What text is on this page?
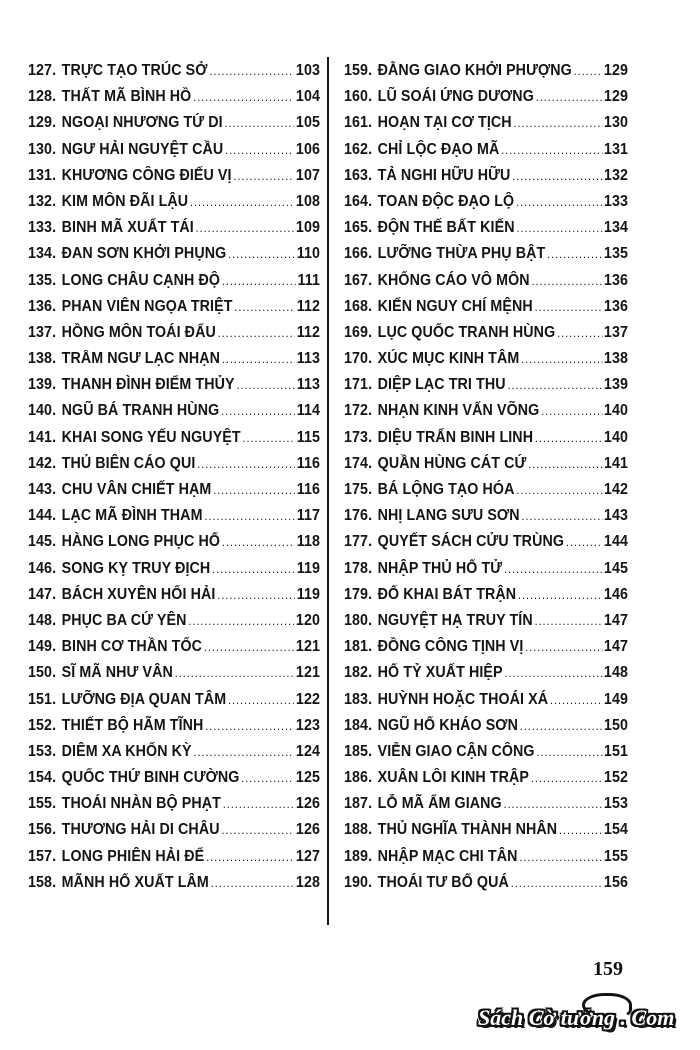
127. TRỰC TẠO TRÚC SỞ .....	103
128. THẤT MÃ BÌNH HỒ .....	104
129. NGOẠI NHƯƠNG TỨ DI .....	105
130. NGƯ HẢI NGUYỆT CẦU .....	106
131. KHƯƠNG CÔNG ĐIẾU VỊ .....	107
132. KIM MÔN ĐÃI LẬU .....	108
133. BINH MÃ XUẤT TÁI .....	109
134. ĐAN SƠN KHỞI PHỤNG .....	110
135. LONG CHÂU CẠNH ĐỘ .....	111
136. PHAN VIÊN NGỌA TRIỆT .....	112
137. HỒNG MÔN TOÁI ĐẨU .....	112
138. TRẦM NGƯ LẠC NHẠN .....	113
139. THANH ĐÌNH ĐIỂM THỦY .....	113
140. NGŨ BÁ TRANH HÙNG .....	114
141. KHAI SONG YẾU NGUYỆT .....	115
142. THỦ BIÊN CÁO QUI .....	116
143. CHU VÂN CHIẾT HẠM .....	116
144. LẠC MÃ ĐÌNH THAM .....	117
145. HÀNG LONG PHỤC HỔ .....	118
146. SONG KỴ TRUY ĐỊCH .....	119
147. BÁCH XUYÊN HỐI HẢI .....	119
148. PHỤC BA CỨ YÊN .....	120
149. BINH CƠ THẦN TỐC .....	121
150. SĨ MÃ NHƯ VÂN .....	121
151. LƯỠNG ĐỊA QUAN TÂM .....	122
152. THIẾT BỘ HÃM TĨNH .....	123
153. DIÊM XA KHỐN KỲ .....	124
154. QUỐC THỨ BINH CƯỜNG .....	125
155. THOÁI NHÀN BỘ PHẠT .....	126
156. THƯƠNG HẢI DI CHÂU .....	126
157. LONG PHIÊN HẢI ĐỂ .....	127
158. MÃNH HỔ XUẤT LÂM .....	128
159. ĐẰNG GIAO KHỞI PHƯỢNG ..... 129
160. LŨ SOÁI ỨNG DƯƠNG .....	129
161. HOẠN TẠI CƠ TỊCH .....	130
162. CHỈ LỘC ĐẠO MÃ .....	131
163. TẢ NGHI HỮU HỮU .....	132
164. TOAN ĐỘC ĐẠO LỘ .....	133
165. ĐỘN THẾ BẤT KIẾN .....	134
166. LƯỠNG THỪA PHỤ BẬT .....	135
167. KHỐNG CÁO VÔ MÔN .....	136
168. KIẾN NGUY CHÍ MỆNH .....	136
169. LỤC QUỐC TRANH HÙNG .....	137
170. XÚC MỤC KINH TÂM .....	138
171. DIỆP LẠC TRI THU .....	139
172. NHẠN KINH VẤN VÕNG .....	140
173. DIỆU TRẤN BINH LINH .....	140
174. QUẦN HÙNG CÁT CỨ .....	141
175. BÁ LỘNG TẠO HÓA .....	142
176. NHỊ LANG SƯU SƠN .....	143
177. QUYẾT SÁCH CỬU TRÙNG .....	144
178. NHẬP THỦ HỔ TỬ .....	145
179. ĐỔ KHAI BÁT TRẬN .....	146
180. NGUYỆT HẠ TRUY TÍN .....	147
181. ĐỒNG CÔNG TỊNH VỊ .....	147
182. HỔ TỶ XUẤT HIỆP .....	148
183. HUỲNH HOẶC THOÁI XÁ .....	149
184. NGŨ HỔ KHÁO SƠN .....	150
185. VIỄN GIAO CẬN CÔNG .....	151
186. XUÂN LÔI KINH TRẬP .....	152
187. LỖ MÃ ẨM GIANG .....	153
188. THỦ NGHĨA THÀNH NHÂN .....	154
189. NHẬP MẠC CHI TÂN .....	155
190. THOÁI TƯ BỔ QUÁ .....	156
159
Sách Cờ tướng . Com
